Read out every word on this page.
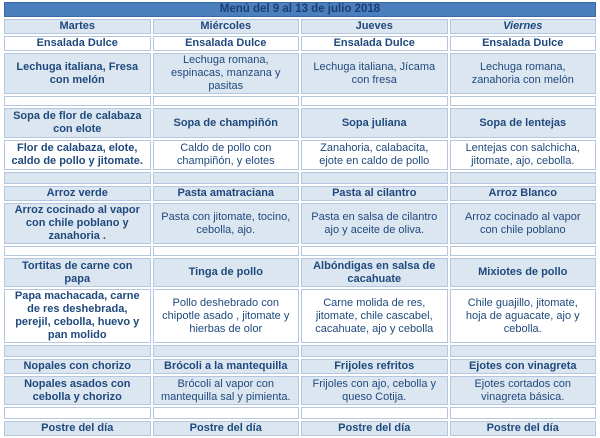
Menú del 9 al 13 de julio 2018			
Martes	Miércoles	Jueves	Viernes
Ensalada Dulce	Ensalada Dulce	Ensalada Dulce	Ensalada Dulce
Lechuga italiana, Fresa con melón	Lechuga romana, espinacas, manzana y pasitas	Lechuga italiana, Jícama con fresa	Lechuga romana, zanahoria con melón

Sopa de flor de calabaza con elote	Sopa de champiñón	Sopa juliana	Sopa de lentejas
Flor de calabaza, elote, caldo de pollo y jitomate.	Caldo de pollo con champiñón, y elotes	Zanahoria, calabacita, ejote en caldo de pollo	Lentejas con salchicha, jitomate, ajo, cebolla.

Arroz verde	Pasta amatraciana	Pasta al cilantro	Arroz Blanco
Arroz cocinado al vapor con chile poblano y zanahoria .	Pasta con jitomate, tocino, cebolla, ajo.	Pasta en salsa de cilantro ajo y aceite de oliva.	Arroz cocinado al vapor con chile poblano

Tortitas de carne con papa	Tinga de pollo	Albóndigas en salsa de cacahuate	Mixiotes de pollo
Papa machacada, carne de res deshebrada, perejil, cebolla, huevo y pan molido	Pollo deshebrado con chipotle asado , jitomate y hierbas de olor	Carne molida de res, jitomate, chile cascabel, cacahuate, ajo y cebolla	Chile guajillo, jitomate, hoja de aguacate, ajo y cebolla.

Nopales con chorizo	Brócoli a la mantequilla	Frijoles refritos	Ejotes con vinagreta
Nopales asados con cebolla y chorizo	Brócoli al vapor con mantequilla sal y pimienta.	Frijoles con ajo, cebolla y queso Cotija.	Ejotes cortados con vinagreta básica.

Postre del día	Postre del día	Postre del día	Postre del día
